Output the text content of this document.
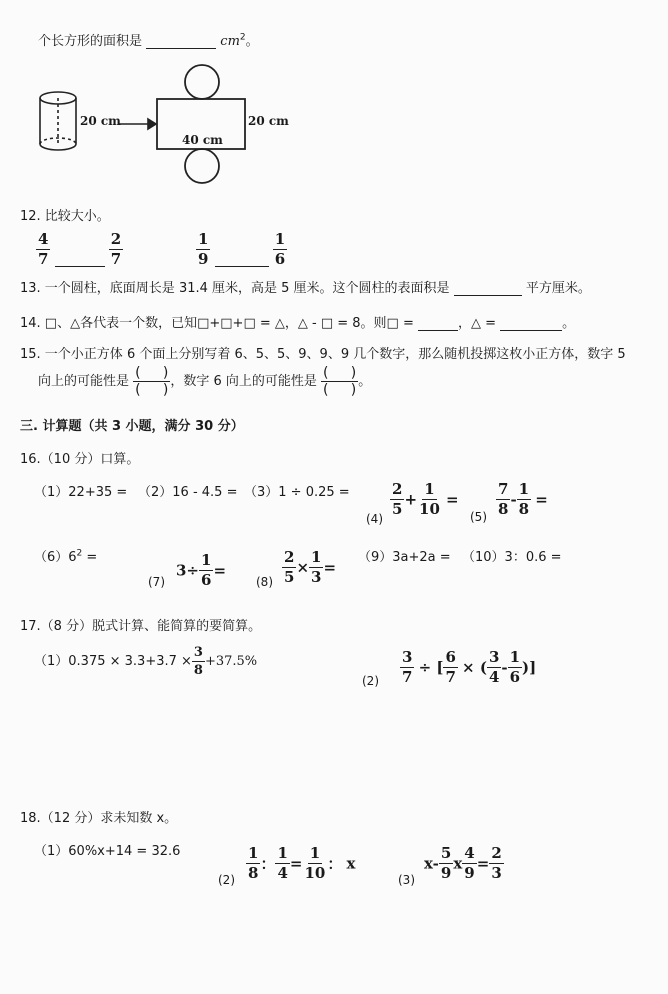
个长方形的面积是	$cm^2$。
20 cm
40 cm
20 cm
12. 比较大小。
$\frac{4}{7}$
	$\frac{2}{7}$	$\frac{1}{9}$
	$\frac{1}{6}$
13. 一个圆柱，底面周长是 31.4 厘米，高是 5 厘米。这个圆柱的表面积是	平方厘米。
14. □、△各代表一个数，已知□+□+□ = △，△ - □ = 8。则□ =	，△ =	。
15. 一个小正方体 6 个面上分别写着 6、5、5、9、9、9 几个数字，那么随机投掷这枚小正方体，数字 5
向上的可能性是 $\frac{( )}{( )}$ ，数字 6 向上的可能性是 $\frac{( )}{( )}$ 。
三. 计算题（共 3 小题，满分 30 分）
16.（10 分）口算。
（1）22+35 = （2）16 - 4.5 = （3）1 ÷ 0.25 =
(4)
$\frac{2}{5} + \frac{1}{10}$ =
$(5) \frac{7}{8} - \frac{1}{8}$ =
$(6)6^2$ =
(7)
$3\div \frac{1}{6}$ =
$(8) \frac{2}{5} \times \frac{1}{3}$ =
（9）3a+2a = （10）3：0.6 =
17.（8 分）脱式计算、能简算的要简算。
$(1)0.375 \times 3.3+3.7 \times \frac{3}{8} +37.5\%$
$(2) \frac{3}{7}$ ÷ [ $\frac{6}{7}$ × ( $\frac{3}{4} - \frac{1}{6}$ )]
18.（12 分）求未知数 x。
（1）60%x+14 = 32.6
$(2) \frac{1}{8}$ ： $\frac{1}{4} = \frac{1}{10}$ ： x
(3)
$x- \frac{5}{9}$ x $\frac{4}{9} = \frac{2}{3}$
